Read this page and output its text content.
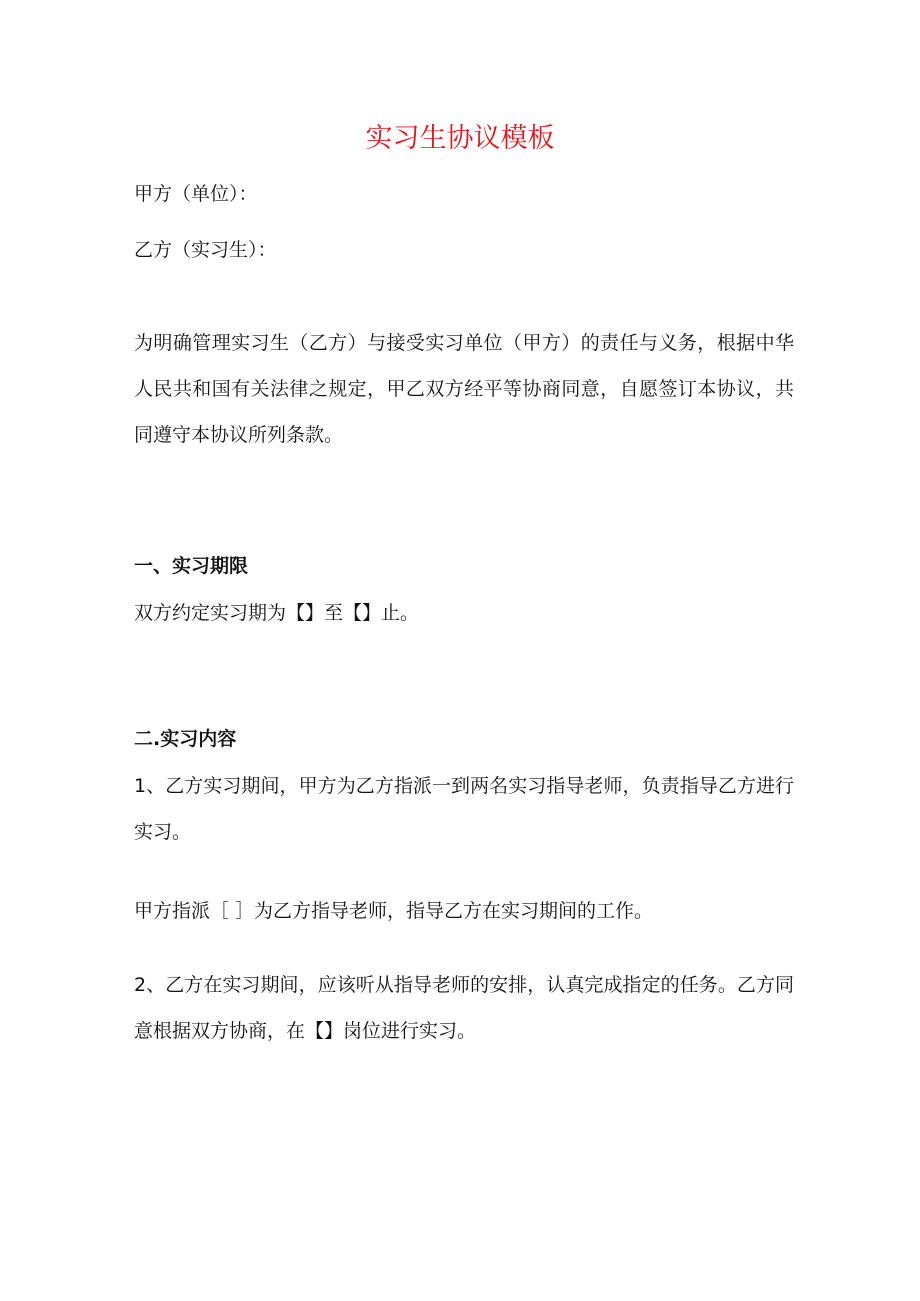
实习生协议模板
甲方（单位）：
乙方（实习生）：
为明确管理实习生（乙方）与接受实习单位（甲方）的责任与义务，根据中华人民共和国有关法律之规定，甲乙双方经平等协商同意，自愿签订本协议，共同遵守本协议所列条款。
一、实习期限
双方约定实习期为【】至【】止。
二.实习内容
1、乙方实习期间，甲方为乙方指派一到两名实习指导老师，负责指导乙方进行实习。
甲方指派［ ］为乙方指导老师，指导乙方在实习期间的工作。
2、乙方在实习期间，应该听从指导老师的安排，认真完成指定的任务。乙方同意根据双方协商，在【】岗位进行实习。
